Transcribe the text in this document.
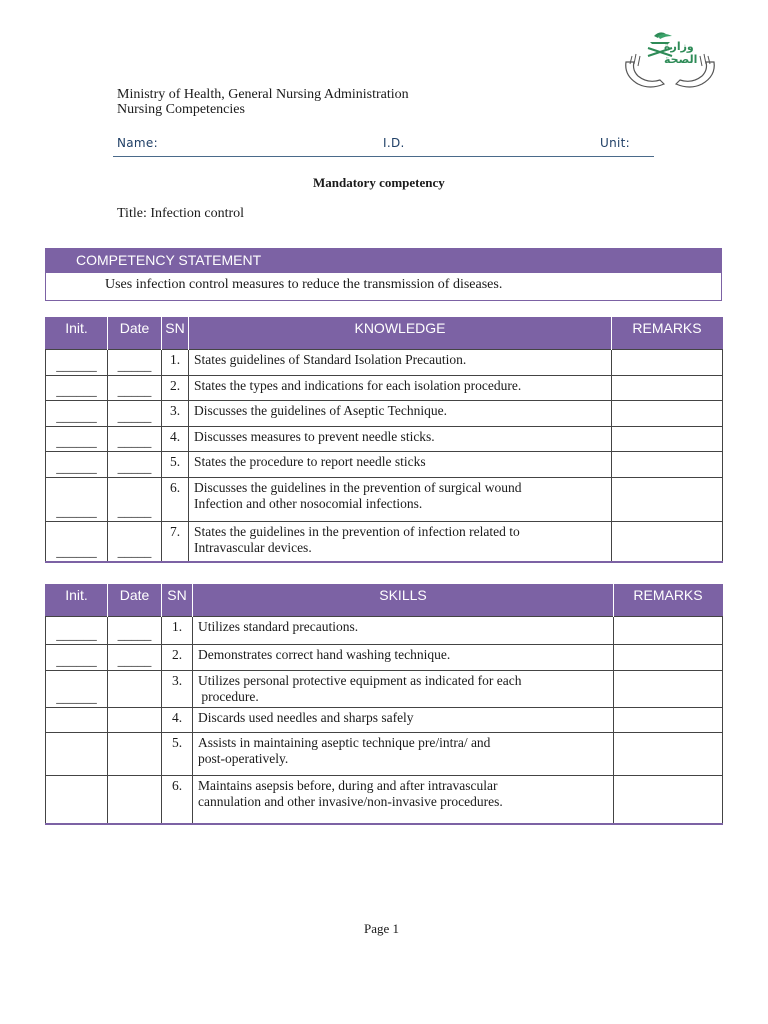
وزارة الصحة
Ministry of Health, General Nursing Administration
Nursing Competencies
Name:	I.D.	Unit:
Mandatory competency
Title: Infection control
COMPETENCY STATEMENT
Uses infection control measures to reduce the transmission of diseases.
Init.	Date	SN	KNOWLEDGE	REMARKS
______	_____	1.	States guidelines of Standard Isolation Precaution.	
______	_____	2.	States the types and indications for each isolation procedure.	
______	_____	3.	Discusses the guidelines of Aseptic Technique.	
______	_____	4.	Discusses measures to prevent needle sticks.	
______	_____	5.	States the procedure to report needle sticks	
______	_____	6.	Discusses the guidelines in the prevention of surgical wound
Infection and other nosocomial infections.	

______	_____	7.	States the guidelines in the prevention of infection related to
Intravascular devices.	

Init.	Date	SN	SKILLS	REMARKS
______	_____	1.	Utilizes standard precautions.	
______	_____	2.	Demonstrates correct hand washing technique.	
______		3.	Utilizes personal protective equipment as indicated for each
procedure.	

		4.	Discards used needles and sharps safely	
		5.	Assists in maintaining aseptic technique pre/intra/ and
post-operatively.	

		6.	Maintains asepsis before, during and after intravascular
cannulation and other invasive/non-invasive procedures.	

Page 1
